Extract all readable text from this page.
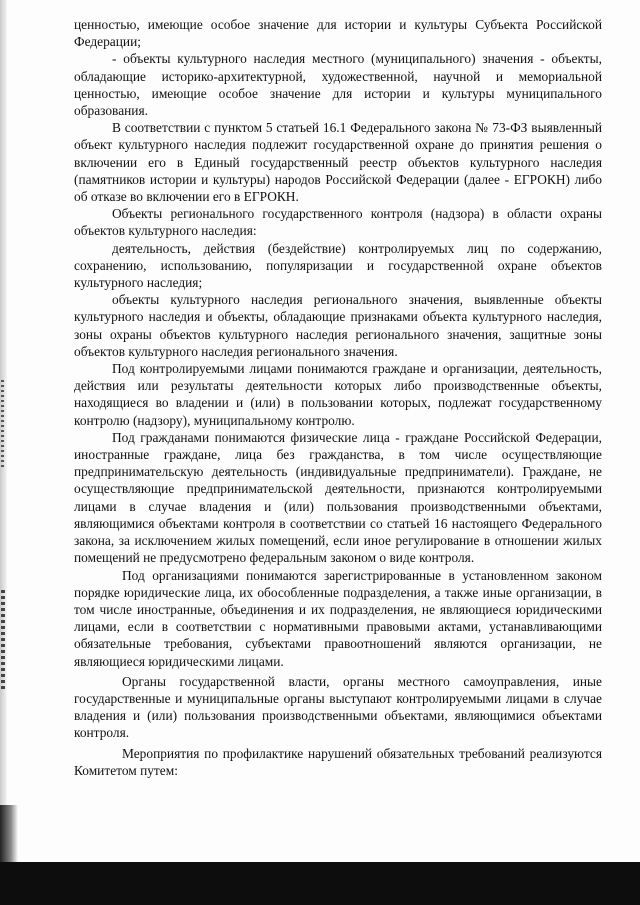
ценностью, имеющие особое значение для истории и культуры Субъекта Российской Федерации;

- объекты культурного наследия местного (муниципального) значения - объекты, обладающие историко-архитектурной, художественной, научной и мемориальной ценностью, имеющие особое значение для истории и культуры муниципального образования.

В соответствии с пунктом 5 статьей 16.1 Федерального закона № 73-ФЗ выявленный объект культурного наследия подлежит государственной охране до принятия решения о включении его в Единый государственный реестр объектов культурного наследия (памятников истории и культуры) народов Российской Федерации (далее - ЕГРОКН) либо об отказе во включении его в ЕГРОКН.

Объекты регионального государственного контроля (надзора) в области охраны объектов культурного наследия:

деятельность, действия (бездействие) контролируемых лиц по содержанию, сохранению, использованию, популяризации и государственной охране объектов культурного наследия;

объекты культурного наследия регионального значения, выявленные объекты культурного наследия и объекты, обладающие признаками объекта культурного наследия, зоны охраны объектов культурного наследия регионального значения, защитные зоны объектов культурного наследия регионального значения.

Под контролируемыми лицами понимаются граждане и организации, деятельность, действия или результаты деятельности которых либо производственные объекты, находящиеся во владении и (или) в пользовании которых, подлежат государственному контролю (надзору), муниципальному контролю.

Под гражданами понимаются физические лица - граждане Российской Федерации, иностранные граждане, лица без гражданства, в том числе осуществляющие предпринимательскую деятельность (индивидуальные предприниматели). Граждане, не осуществляющие предпринимательской деятельности, признаются контролируемыми лицами в случае владения и (или) пользования производственными объектами, являющимися объектами контроля в соответствии со статьей 16 настоящего Федерального закона, за исключением жилых помещений, если иное регулирование в отношении жилых помещений не предусмотрено федеральным законом о виде контроля.

Под организациями понимаются зарегистрированные в установленном законом порядке юридические лица, их обособленные подразделения, а также иные организации, в том числе иностранные, объединения и их подразделения, не являющиеся юридическими лицами, если в соответствии с нормативными правовыми актами, устанавливающими обязательные требования, субъектами правоотношений являются организации, не являющиеся юридическими лицами.

Органы государственной власти, органы местного самоуправления, иные государственные и муниципальные органы выступают контролируемыми лицами в случае владения и (или) пользования производственными объектами, являющимися объектами контроля.

Мероприятия по профилактике нарушений обязательных требований реализуются Комитетом путем:
